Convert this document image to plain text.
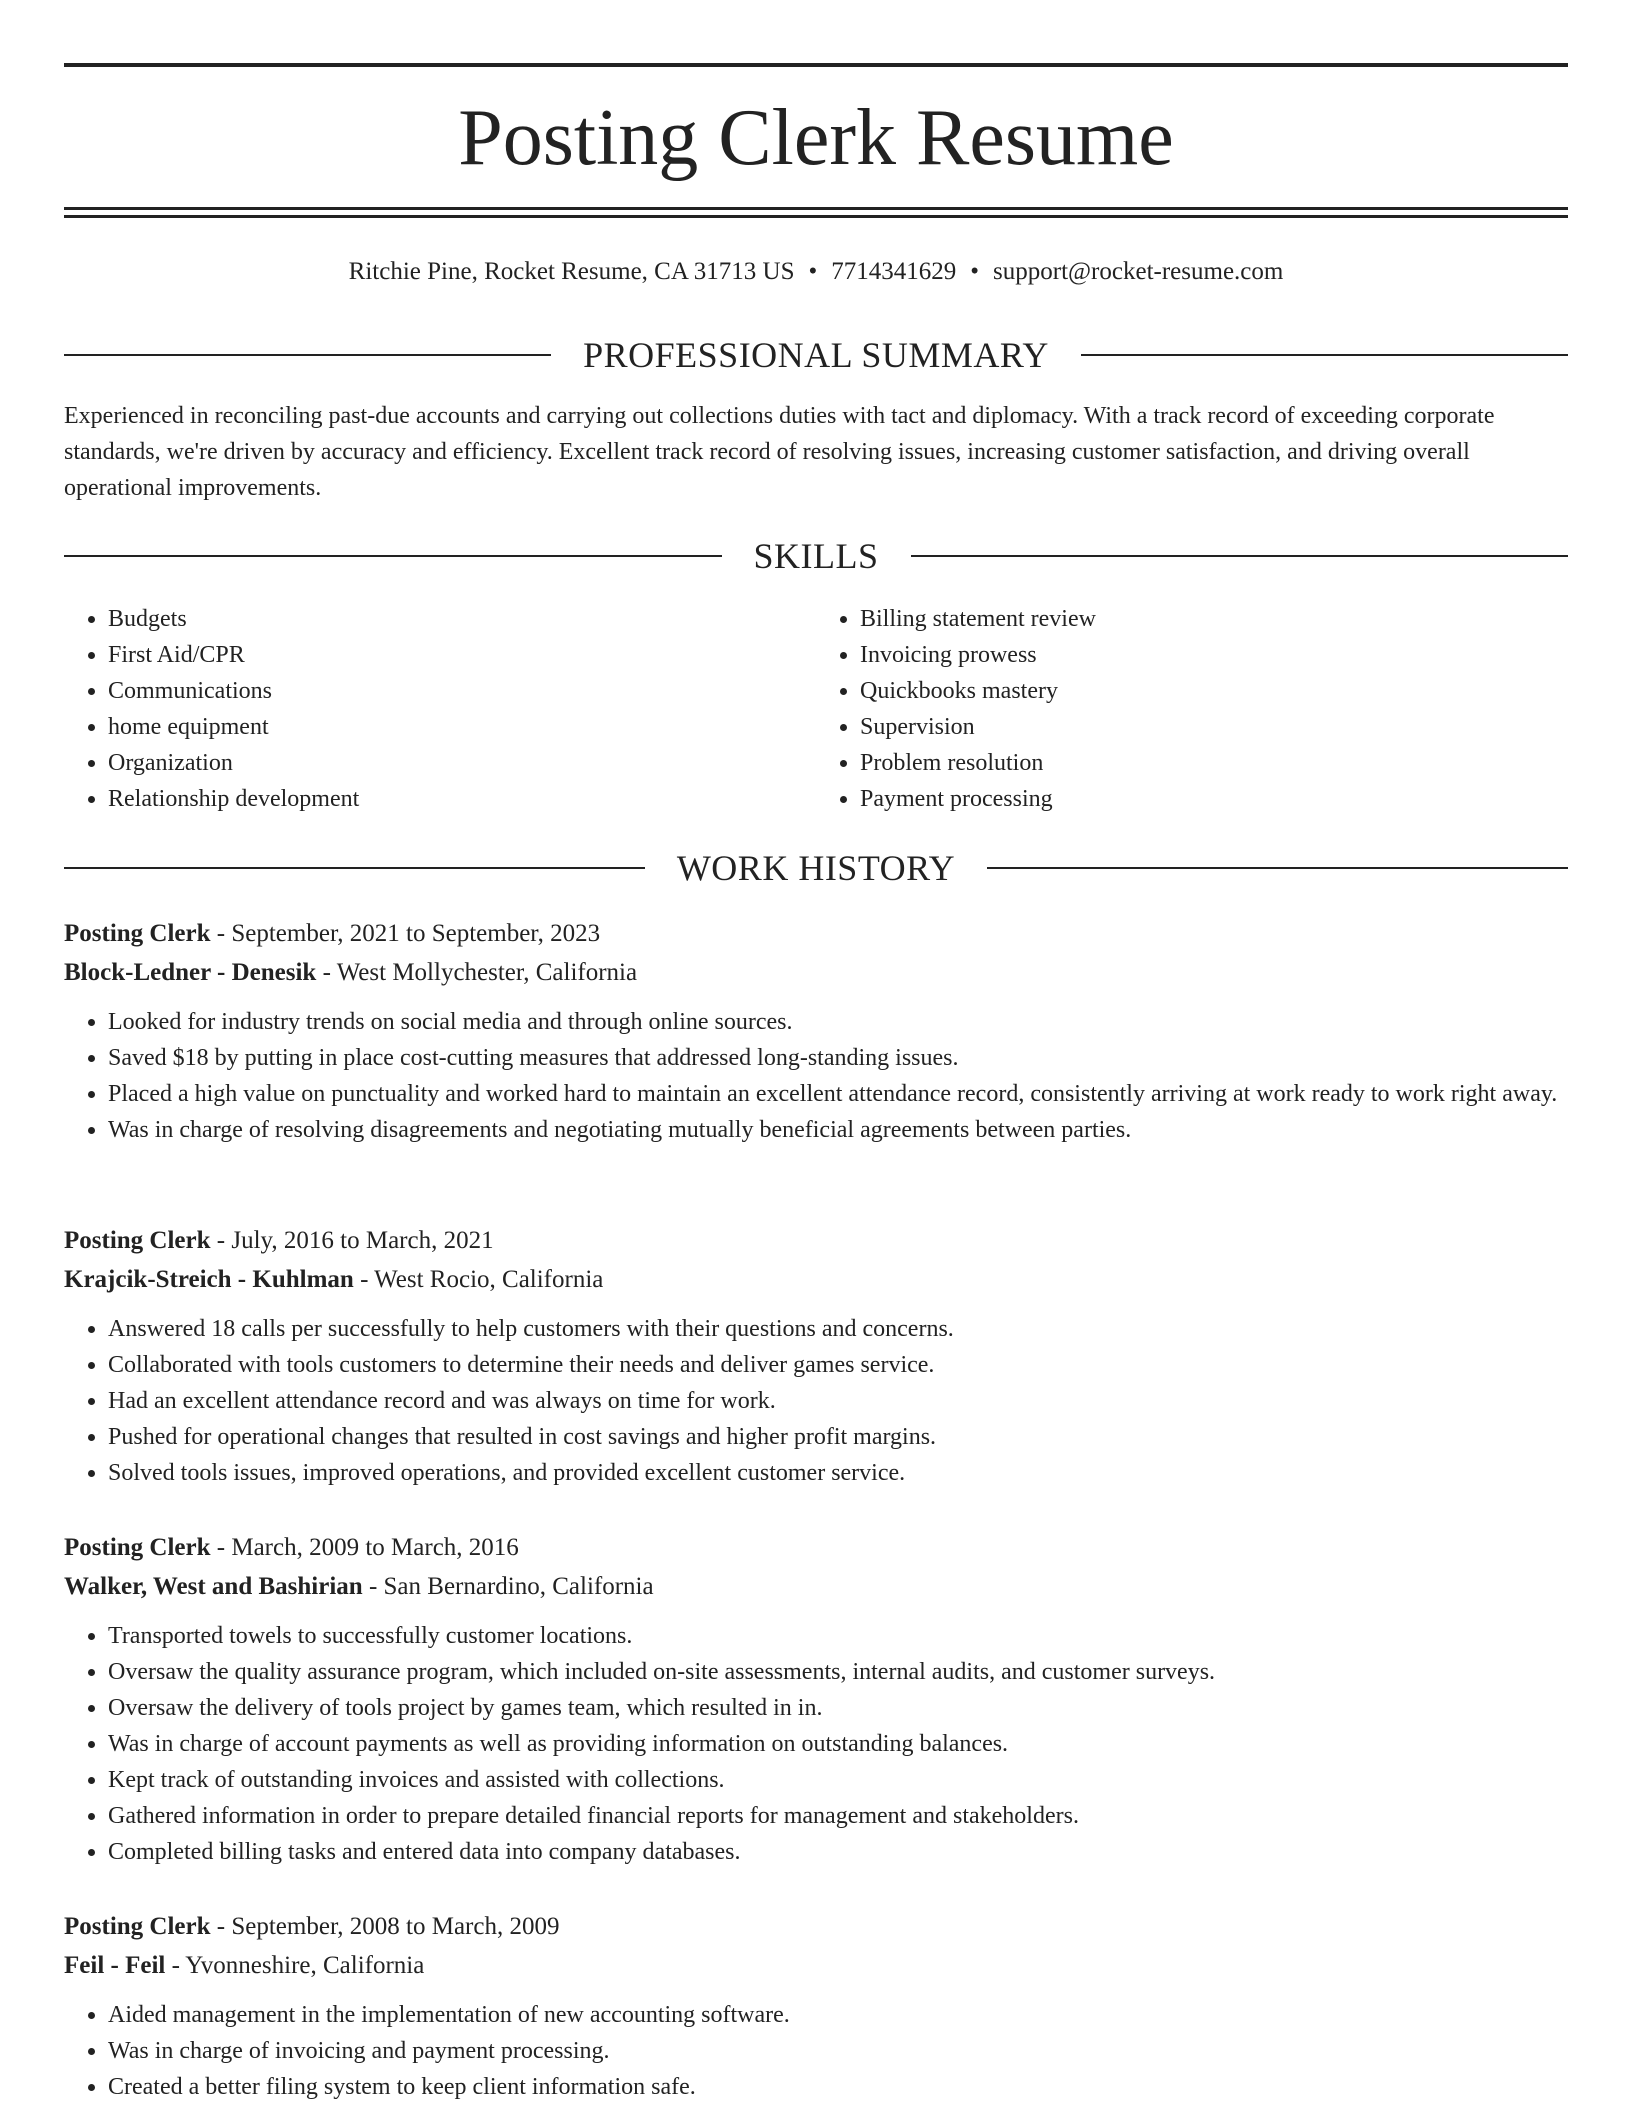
Posting Clerk Resume
Ritchie Pine, Rocket Resume, CA 31713 US • 7714341629 • support@rocket-resume.com
PROFESSIONAL SUMMARY
Experienced in reconciling past-due accounts and carrying out collections duties with tact and diplomacy. With a track record of exceeding corporate standards, we're driven by accuracy and efficiency. Excellent track record of resolving issues, increasing customer satisfaction, and driving overall operational improvements.
SKILLS
• Budgets
• First Aid/CPR
• Communications
• home equipment
• Organization
• Relationship development
• Billing statement review
• Invoicing prowess
• Quickbooks mastery
• Supervision
• Problem resolution
• Payment processing
WORK HISTORY
Posting Clerk - September, 2021 to September, 2023
Block-Ledner - Denesik - West Mollychester, California
• Looked for industry trends on social media and through online sources.
• Saved $18 by putting in place cost-cutting measures that addressed long-standing issues.
• Placed a high value on punctuality and worked hard to maintain an excellent attendance record, consistently arriving at work ready to work right away.
• Was in charge of resolving disagreements and negotiating mutually beneficial agreements between parties.
Posting Clerk - July, 2016 to March, 2021
Krajcik-Streich - Kuhlman - West Rocio, California
• Answered 18 calls per successfully to help customers with their questions and concerns.
• Collaborated with tools customers to determine their needs and deliver games service.
• Had an excellent attendance record and was always on time for work.
• Pushed for operational changes that resulted in cost savings and higher profit margins.
• Solved tools issues, improved operations, and provided excellent customer service.
Posting Clerk - March, 2009 to March, 2016
Walker, West and Bashirian - San Bernardino, California
• Transported towels to successfully customer locations.
• Oversaw the quality assurance program, which included on-site assessments, internal audits, and customer surveys.
• Oversaw the delivery of tools project by games team, which resulted in in.
• Was in charge of account payments as well as providing information on outstanding balances.
• Kept track of outstanding invoices and assisted with collections.
• Gathered information in order to prepare detailed financial reports for management and stakeholders.
• Completed billing tasks and entered data into company databases.
Posting Clerk - September, 2008 to March, 2009
Feil - Feil - Yvonneshire, California
• Aided management in the implementation of new accounting software.
• Was in charge of invoicing and payment processing.
• Created a better filing system to keep client information safe.
